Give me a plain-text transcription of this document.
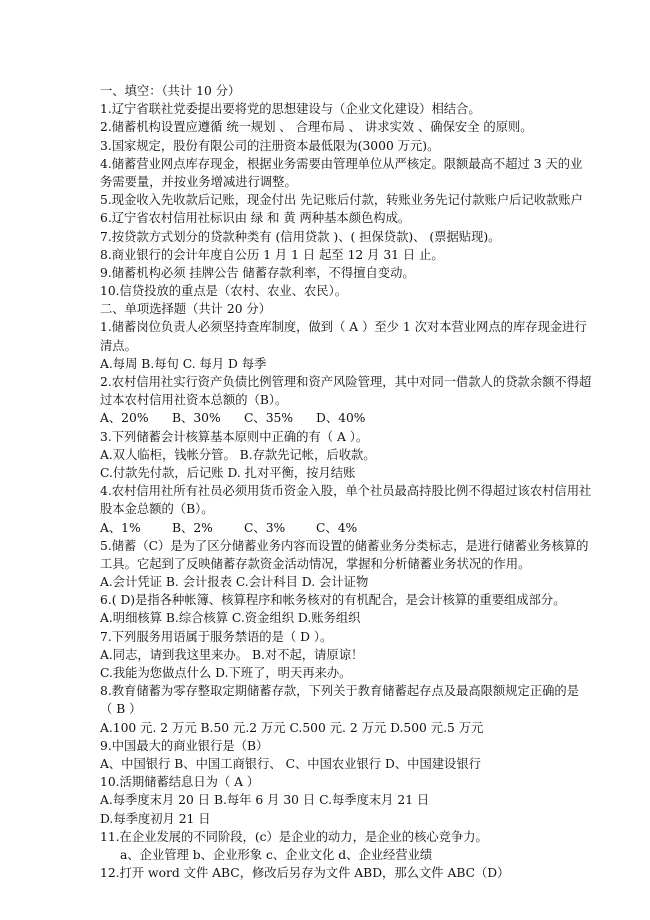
一、填空：（共计 10 分）
1.辽宁省联社党委提出要将党的思想建设与（企业文化建设）相结合。
2.储蓄机构设置应遵循 统一规划 、 合理布局 、 讲求实效 、确保安全 的原则。
3.国家规定，股份有限公司的注册资本最低限为(3000 万元)。
4.储蓄营业网点库存现金，根据业务需要由管理单位从严核定。限额最高不超过 3 天的业
务需要量，并按业务增减进行调整。
5.现金收入先收款后记账，现金付出 先记账后付款，转账业务先记付款账户后记收款账户
6.辽宁省农村信用社标识由 绿 和 黄 两种基本颜色构成。
7.按贷款方式划分的贷款种类有 (信用贷款 )、( 担保贷款)、 (票据贴现)。
8.商业银行的会计年度自公历 1 月 1 日 起至 12 月 31 日 止。
9.储蓄机构必须 挂牌公告 储蓄存款利率，不得擅自变动。
10.信贷投放的重点是（农村、农业、农民）。
二、单项选择题（共计 20 分）
1.储蓄岗位负责人必须坚持查库制度，做到（ A ）至少 1 次对本营业网点的库存现金进行
清点。
A.每周 B.每旬 C. 每月 D 每季
2.农村信用社实行资产负债比例管理和资产风险管理，其中对同一借款人的贷款余额不得超
过本农村信用社资本总额的（B）。
A、20% B、30% C、35% D、40%
3.下列储蓄会计核算基本原则中正确的有（ A ）。
A.双人临柜，钱帐分管。 B.存款先记帐，后收款。
C.付款先付款，后记账 D. 扎对平衡，按月结账
4.农村信用社所有社员必须用货币资金入股，单个社员最高持股比例不得超过该农村信用社
股本金总额的（B）。
A、1%	B、2%	C、3%	C、4%
5.储蓄（C）是为了区分储蓄业务内容而设置的储蓄业务分类标志，是进行储蓄业务核算的
工具。它起到了反映储蓄存款资金活动情况，掌握和分析储蓄业务状况的作用。
A.会计凭证 B. 会计报表 C.会计科目 D. 会计证物
6.( D)是指各种帐簿、核算程序和帐务核对的有机配合，是会计核算的重要组成部分。
A.明细核算 B.综合核算 C.资金组织 D.账务组织
7.下列服务用语属于服务禁语的是（ D ）。
A.同志，请到我这里来办。 B.对不起，请原谅！
C.我能为您做点什么 D.下班了，明天再来办。
8.教育储蓄为零存整取定期储蓄存款，下列关于教育储蓄起存点及最高限额规定正确的是
（ B ）
A.100 元. 2 万元 B.50 元.2 万元 C.500 元. 2 万元 D.500 元.5 万元
9.中国最大的商业银行是（B）
A、中国银行 B、中国工商银行、 C、中国农业银行 D、中国建设银行
10.活期储蓄结息日为（ A ）
A.每季度末月 20 日 B.每年 6 月 30 日 C.每季度末月 21 日
D.每季度初月 21 日
11.在企业发展的不同阶段，(c）是企业的动力，是企业的核心竞争力。
a、企业管理 b、企业形象 c、企业文化 d、企业经营业绩
12.打开 word 文件 ABC，修改后另存为文件 ABD，那么文件 ABC（D）
